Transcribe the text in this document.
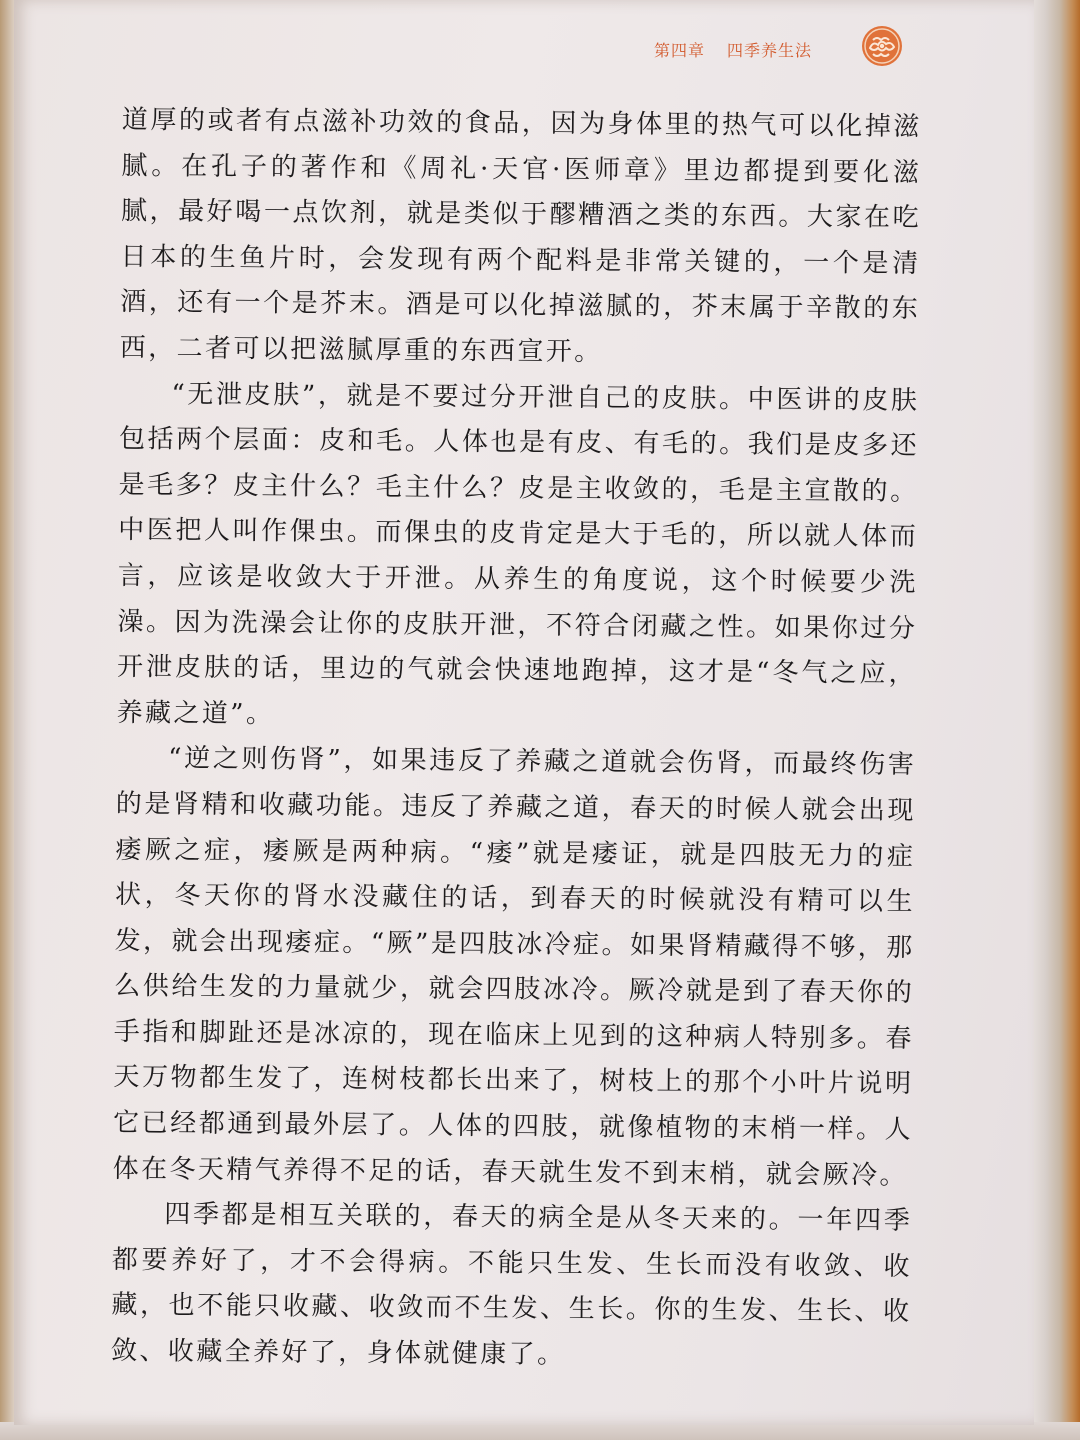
第四章 四季养生法

道厚的或者有点滋补功效的食品，因为身体里的热气可以化掉滋腻。在孔子的著作和《周礼·天官·医师章》里边都提到要化滋腻，最好喝一点饮剂，就是类似于醪糟酒之类的东西。大家在吃日本的生鱼片时，会发现有两个配料是非常关键的，一个是清酒，还有一个是芥末。酒是可以化掉滋腻的，芥末属于辛散的东西，二者可以把滋腻厚重的东西宣开。

“无泄皮肤”，就是不要过分开泄自己的皮肤。中医讲的皮肤包括两个层面：皮和毛。人体也是有皮、有毛的。我们是皮多还是毛多？皮主什么？毛主什么？皮是主收敛的，毛是主宣散的。中医把人叫作倮虫。而倮虫的皮肯定是大于毛的，所以就人体而言，应该是收敛大于开泄。从养生的角度说，这个时候要少洗澡。因为洗澡会让你的皮肤开泄，不符合闭藏之性。如果你过分开泄皮肤的话，里边的气就会快速地跑掉，这才是“冬气之应，养藏之道”。

“逆之则伤肾”，如果违反了养藏之道就会伤肾，而最终伤害的是肾精和收藏功能。违反了养藏之道，春天的时候人就会出现痿厥之症，痿厥是两种病。“痿”就是痿证，就是四肢无力的症状，冬天你的肾水没藏住的话，到春天的时候就没有精可以生发，就会出现痿症。“厥”是四肢冰冷症。如果肾精藏得不够，那么供给生发的力量就少，就会四肢冰冷。厥冷就是到了春天你的手指和脚趾还是冰凉的，现在临床上见到的这种病人特别多。春天万物都生发了，连树枝都长出来了，树枝上的那个小叶片说明它已经都通到最外层了。人体的四肢，就像植物的末梢一样。人体在冬天精气养得不足的话，春天就生发不到末梢，就会厥冷。

四季都是相互关联的，春天的病全是从冬天来的。一年四季都要养好了，才不会得病。不能只生发、生长而没有收敛、收藏，也不能只收藏、收敛而不生发、生长。你的生发、生长、收敛、收藏全养好了，身体就健康了。
